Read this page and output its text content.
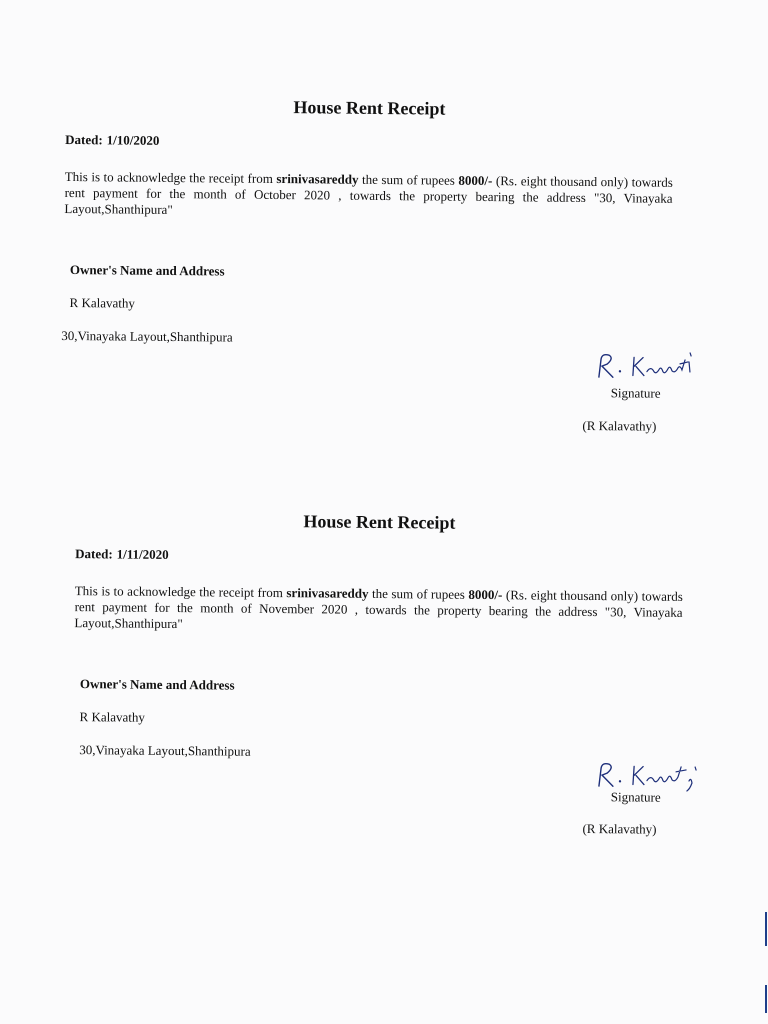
House Rent Receipt
Dated: 1/10/2020
This is to acknowledge the receipt from srinivasareddy the sum of rupees 8000/- (Rs. eight thousand only) towards rent payment for the month of October 2020 , towards the property bearing the address "30, Vinayaka Layout,Shanthipura"
Owner's Name and Address
R Kalavathy
30,Vinayaka Layout,Shanthipura
Signature
(R Kalavathy)
House Rent Receipt
Dated: 1/11/2020
This is to acknowledge the receipt from srinivasareddy the sum of rupees 8000/- (Rs. eight thousand only) towards rent payment for the month of November 2020 , towards the property bearing the address "30, Vinayaka Layout,Shanthipura"
Owner's Name and Address
R Kalavathy
30,Vinayaka Layout,Shanthipura
Signature
(R Kalavathy)
